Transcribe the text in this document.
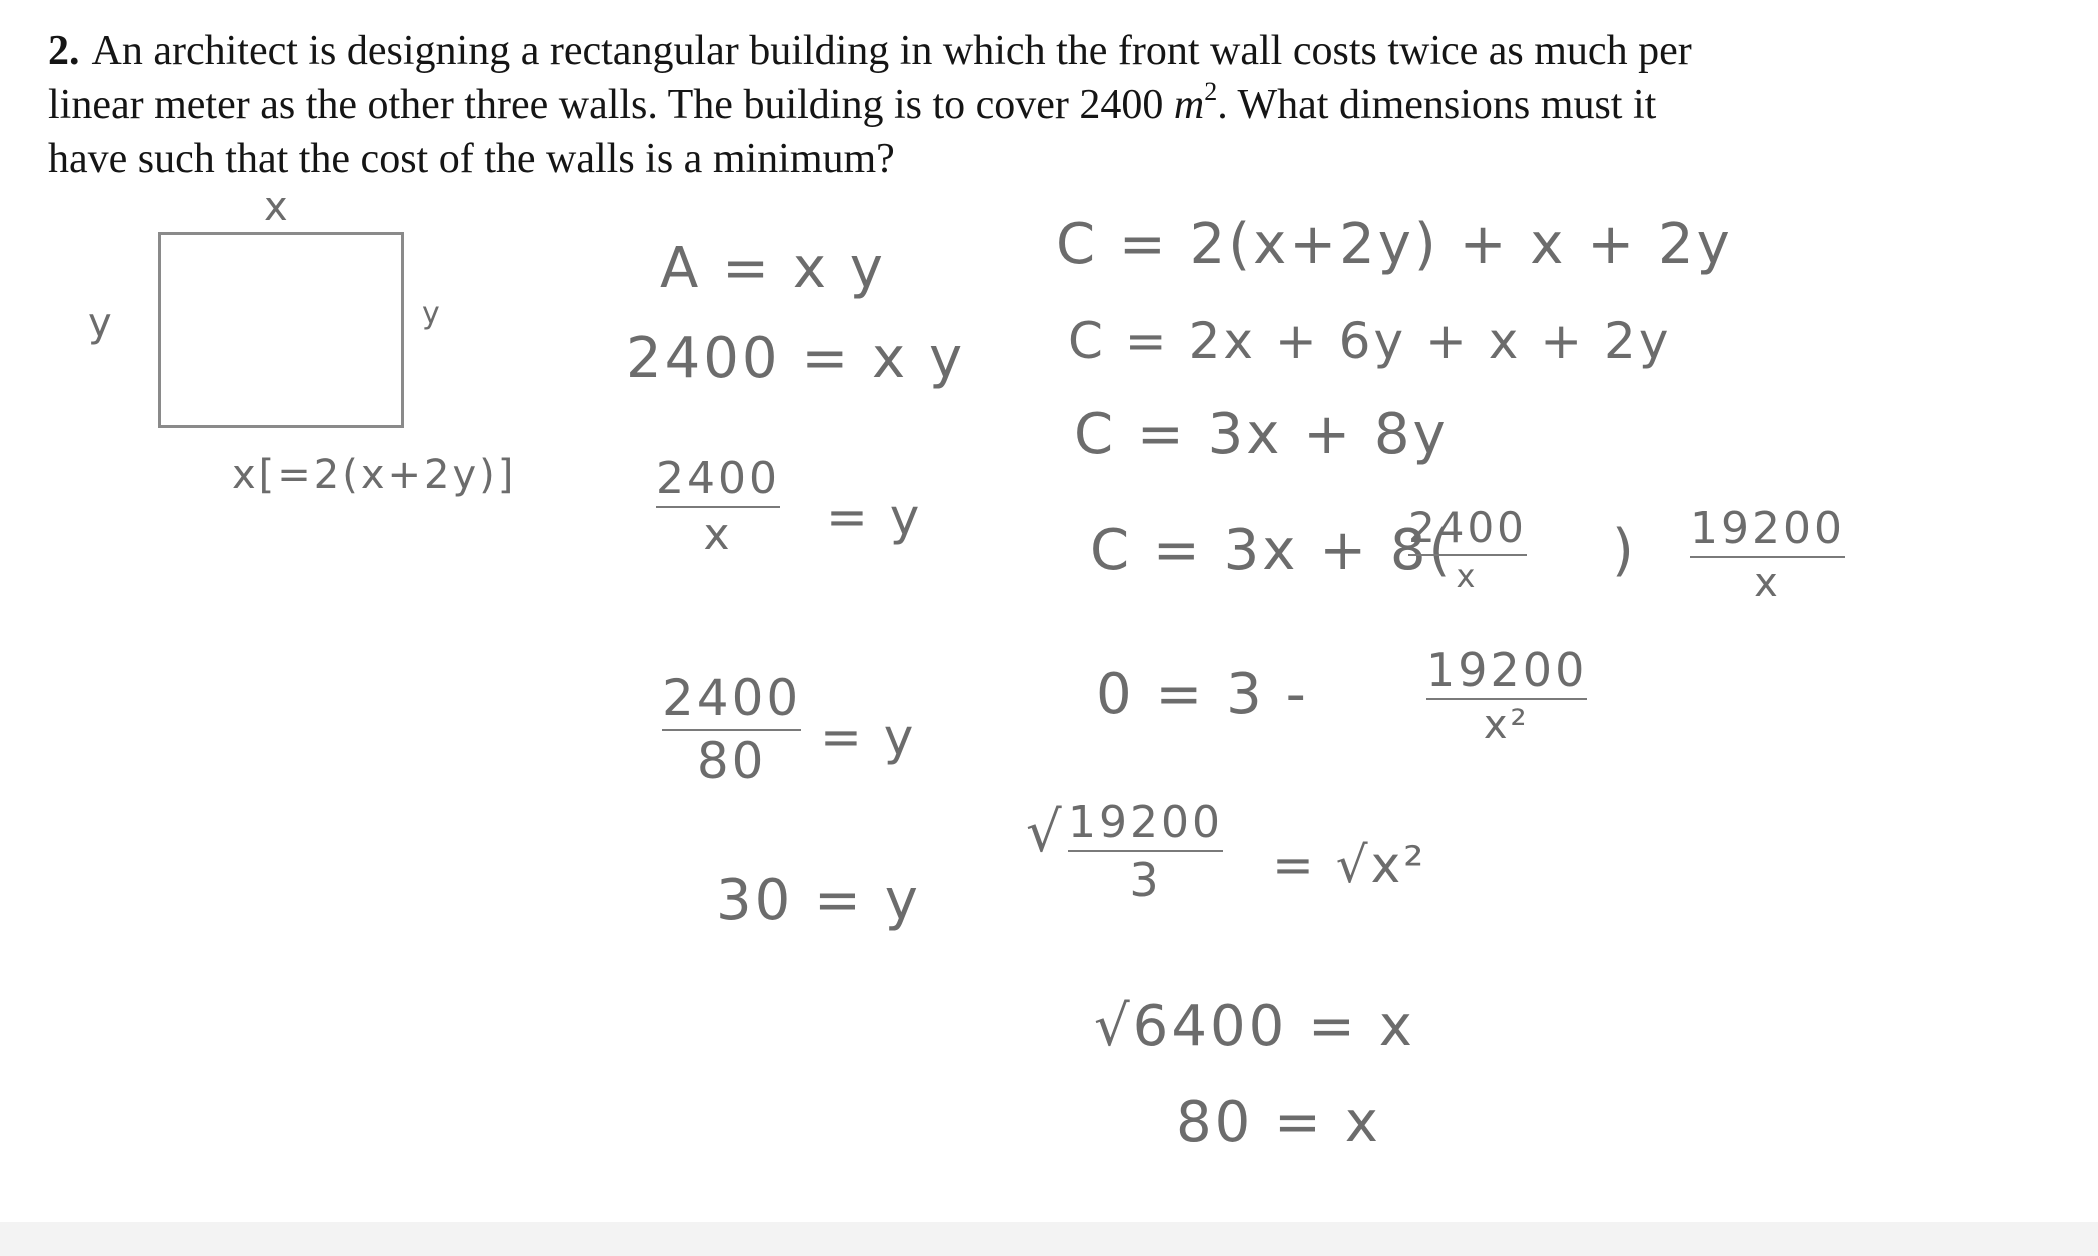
2. An architect is designing a rectangular building in which the front wall costs twice as much per
linear meter as the other three walls. The building is to cover 2400 $m^2$. What dimensions must it
have such that the cost of the walls is a minimum?
x
y	y
x[=2(x+2y)]
A = x y
2400 = x y
2400
x = y
2400
80 = y
30 = y
C = 2(x+2y) + x + 2y
C = 2x + 6y + x + 2y
C = 3x + 8y
C = 3x + 8(
2400
x ) 19200
x
0 = 3 -	19200
x²
√ 19200
3 = √x²
√6400 = x
80 = x
